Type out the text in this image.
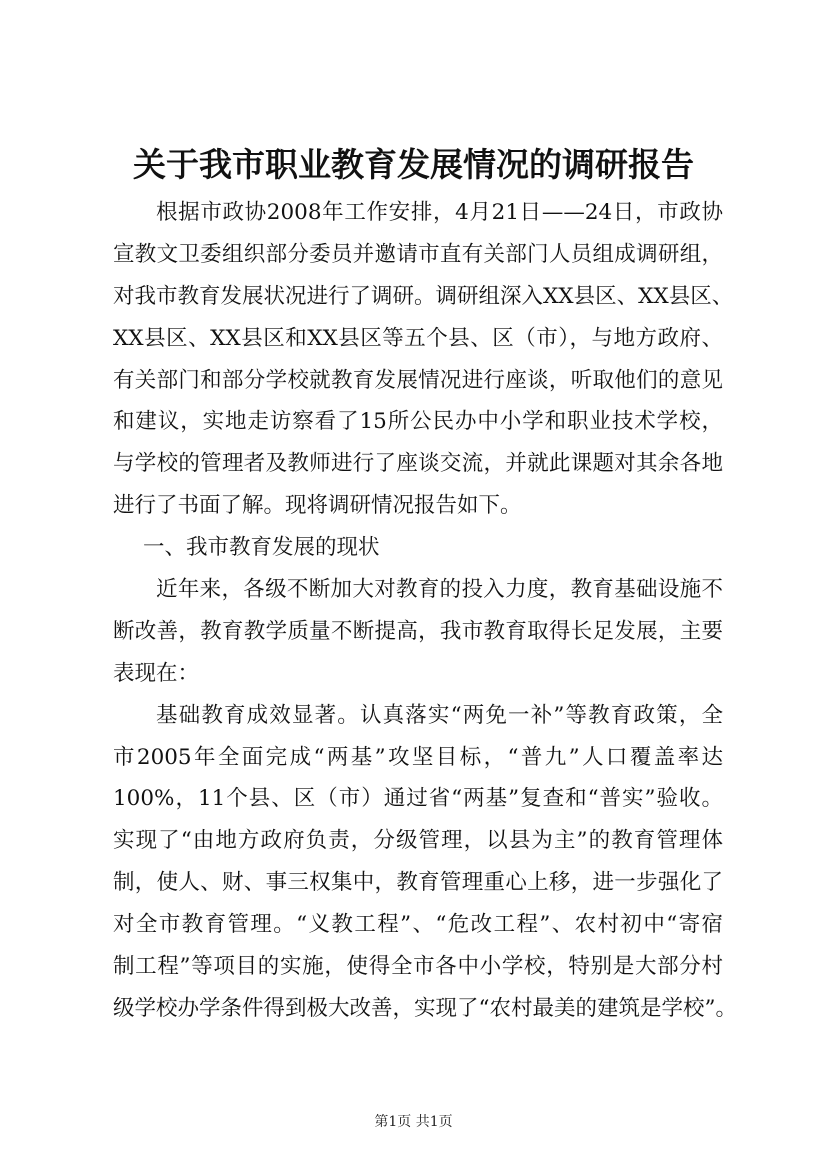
关于我市职业教育发展情况的调研报告
根据市政协2008年工作安排，4月21日——24日，市政协
宣教文卫委组织部分委员并邀请市直有关部门人员组成调研组，
对我市教育发展状况进行了调研。调研组深入XX县区、XX县区、
XX县区、XX县区和XX县区等五个县、区（市），与地方政府、
有关部门和部分学校就教育发展情况进行座谈，听取他们的意见
和建议，实地走访察看了15所公民办中小学和职业技术学校，
与学校的管理者及教师进行了座谈交流，并就此课题对其余各地
进行了书面了解。现将调研情况报告如下。
一、我市教育发展的现状
近年来，各级不断加大对教育的投入力度，教育基础设施不
断改善，教育教学质量不断提高，我市教育取得长足发展，主要
表现在：
基础教育成效显著。认真落实“两免一补”等教育政策，全
市2005年全面完成“两基”攻坚目标，“普九”人口覆盖率达
100%，11个县、区（市）通过省“两基”复查和“普实”验收。
实现了“由地方政府负责，分级管理，以县为主”的教育管理体
制，使人、财、事三权集中，教育管理重心上移，进一步强化了
对全市教育管理。“义教工程”、“危改工程”、农村初中“寄宿
制工程”等项目的实施，使得全市各中小学校，特别是大部分村
级学校办学条件得到极大改善，实现了“农村最美的建筑是学校”。
第1页 共1页
